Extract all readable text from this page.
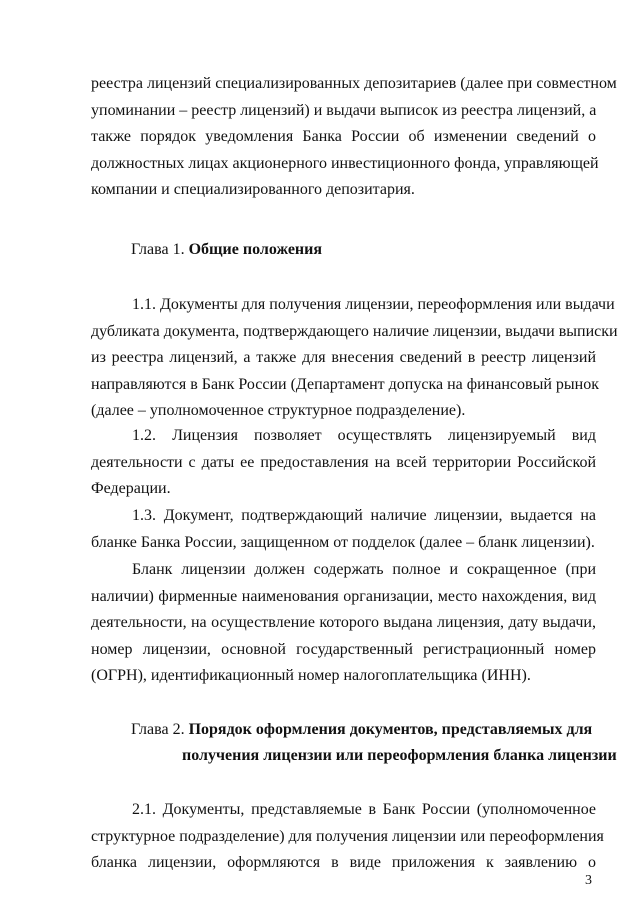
реестра лицензий специализированных депозитариев (далее при совместном
упоминании – реестр лицензий) и выдачи выписок из реестра лицензий, а
также порядок уведомления Банка России об изменении сведений о
должностных лицах акционерного инвестиционного фонда, управляющей
компании и специализированного депозитария.
Глава 1. Общие положения
1.1. Документы для получения лицензии, переоформления или выдачи
дубликата документа, подтверждающего наличие лицензии, выдачи выписки
из реестра лицензий, а также для внесения сведений в реестр лицензий
направляются в Банк России (Департамент допуска на финансовый рынок
(далее – уполномоченное структурное подразделение).
1.2. Лицензия позволяет осуществлять лицензируемый вид
деятельности с даты ее предоставления на всей территории Российской
Федерации.
1.3. Документ, подтверждающий наличие лицензии, выдается на
бланке Банка России, защищенном от подделок (далее – бланк лицензии).
Бланк лицензии должен содержать полное и сокращенное (при
наличии) фирменные наименования организации, место нахождения, вид
деятельности, на осуществление которого выдана лицензия, дату выдачи,
номер лицензии, основной государственный регистрационный номер
(ОГРН), идентификационный номер налогоплательщика (ИНН).
Глава 2. Порядок оформления документов, представляемых для
получения лицензии или переоформления бланка лицензии
2.1. Документы, представляемые в Банк России (уполномоченное
структурное подразделение) для получения лицензии или переоформления
бланка лицензии, оформляются в виде приложения к заявлению о
3
